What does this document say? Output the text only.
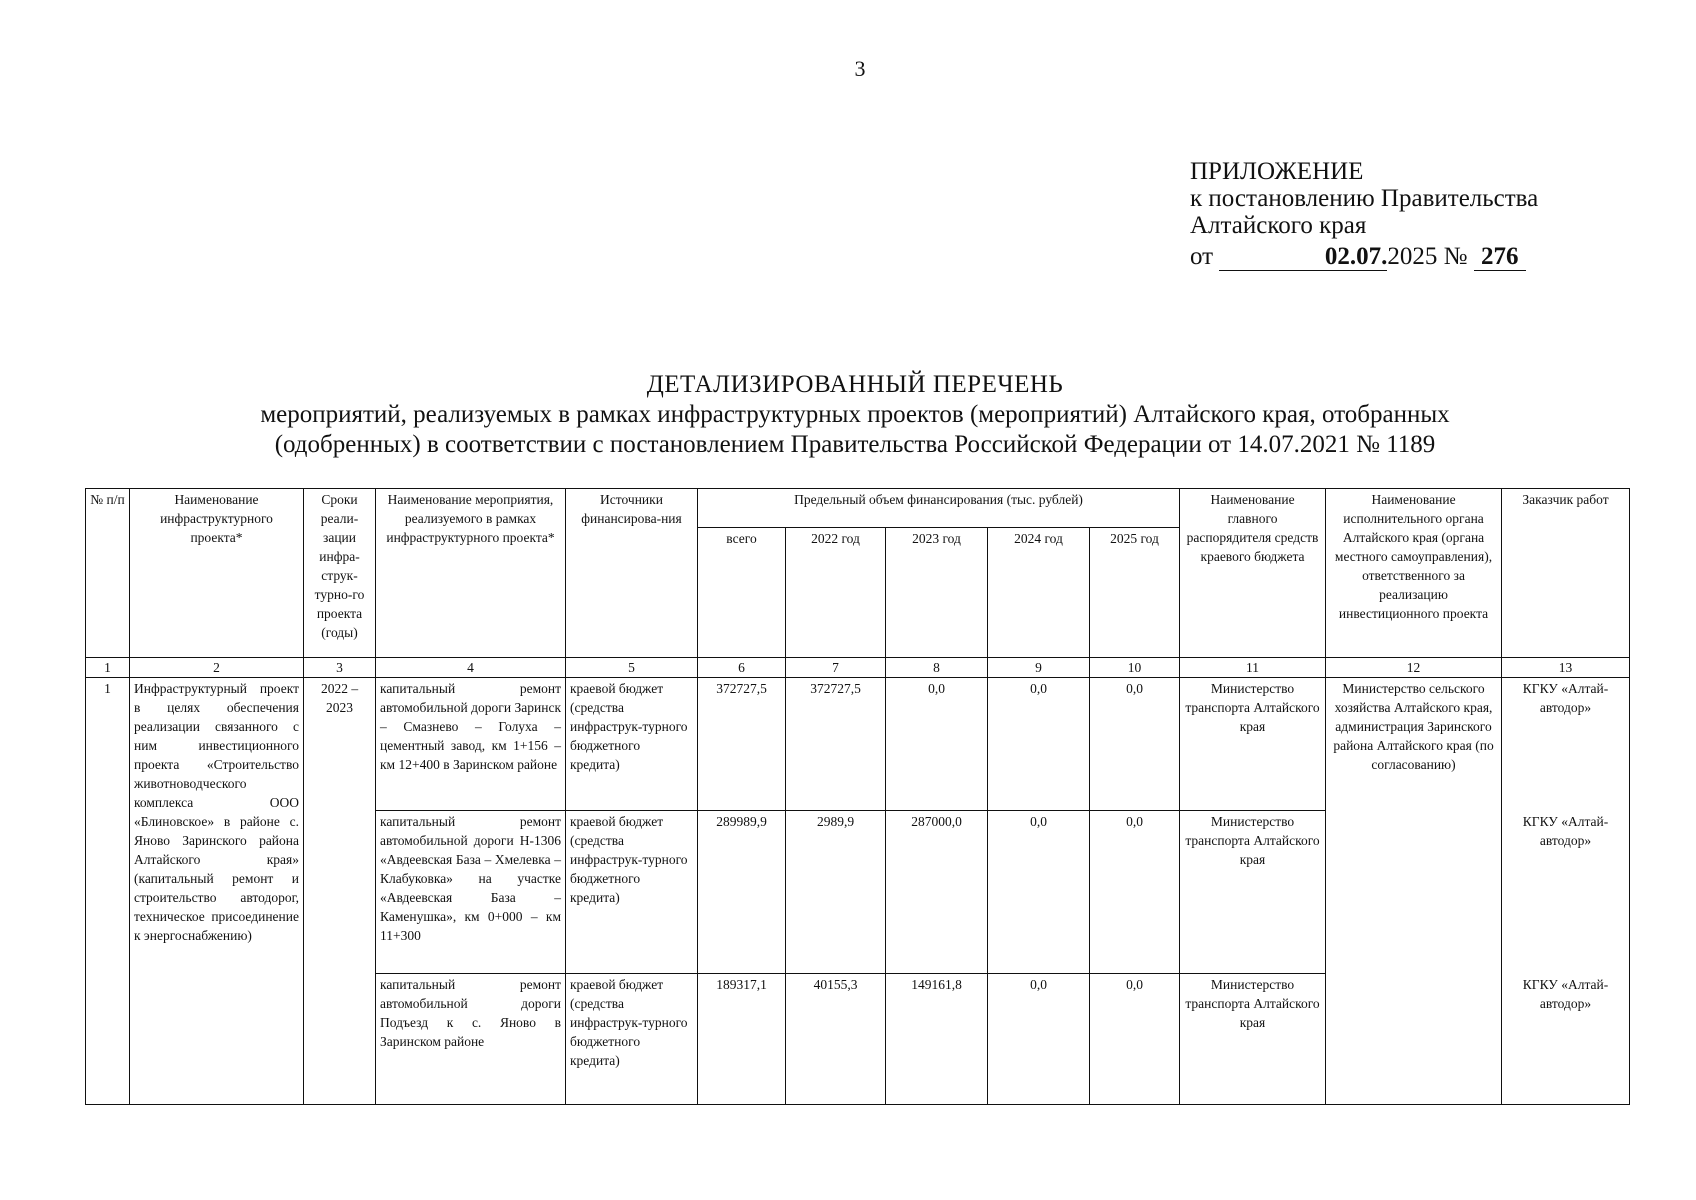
3
ПРИЛОЖЕНИЕ
к постановлению Правительства
Алтайского края
от	02.07.2025 № 276
ДЕТАЛИЗИРОВАННЫЙ ПЕРЕЧЕНЬ
мероприятий, реализуемых в рамках инфраструктурных проектов (мероприятий) Алтайского края, отобранных
(одобренных) в соответствии с постановлением Правительства Российской Федерации от 14.07.2021 № 1189
№ п/п	Наименование инфраструктурного проекта*	Сроки реали-зации инфра-струк-турно-го проекта (годы)	Наименование мероприятия, реализуемого в рамках инфраструктурного проекта*	Источники финансирова-ния	Предельный объем финансирования (тыс. рублей)					Наименование главного распорядителя средств краевого бюджета	Наименование исполнительного органа Алтайского края (органа местного самоуправления), ответственного за реализацию инвестиционного проекта	Заказчик работ
					всего	2022 год	2023 год	2024 год	2025 год			
1	2	3	4	5	6	7	8	9	10	11	12	13
1	Инфраструктурный проект в целях обеспечения реализации связанного с ним инвестиционного проекта «Строительство животноводческого комплекса ООО «Блиновское» в районе с. Яново Заринского района Алтайского края» (капитальный ремонт и строительство автодорог, техническое присоединение к энергоснабжению)	2022 – 2023	капитальный ремонт автомобильной дороги Заринск – Смазнево – Голуха – цементный завод, км 1+156 – км 12+400 в Заринском районе	краевой бюджет (средства инфраструк-турного бюджетного кредита)	372727,5	372727,5	0,0	0,0	0,0	Министерство транспорта Алтайского края	Министерство сельского хозяйства Алтайского края, администрация Заринского района Алтайского края (по согласованию)	КГКУ «Алтай-автодор»
			капитальный ремонт автомобильной дороги Н-1306 «Авдеевская База – Хмелевка – Клабуковка» на участке «Авдеевская База – Каменушка», км 0+000 – км 11+300	краевой бюджет (средства инфраструк-турного бюджетного кредита)	289989,9	2989,9	287000,0	0,0	0,0	Министерство транспорта Алтайского края		КГКУ «Алтай-автодор»
			капитальный ремонт автомобильной дороги Подъезд к с. Яново в Заринском районе	краевой бюджет (средства инфраструк-турного бюджетного кредита)	189317,1	40155,3	149161,8	0,0	0,0	Министерство транспорта Алтайского края		КГКУ «Алтай-автодор»
